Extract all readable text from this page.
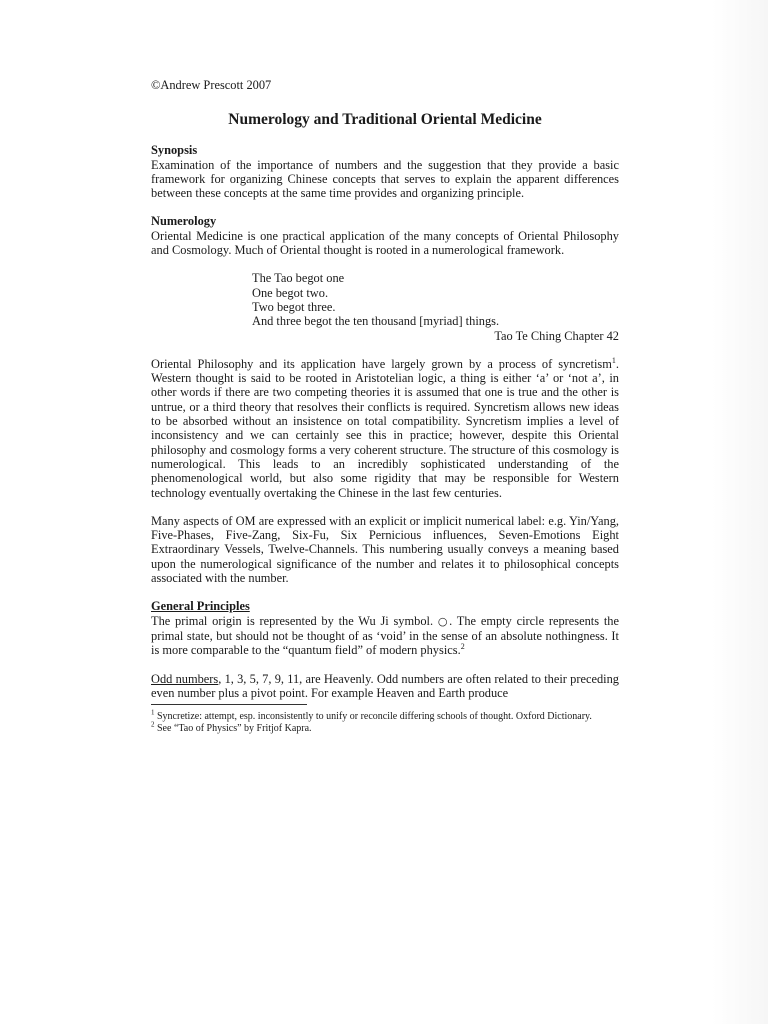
©Andrew Prescott 2007

Numerology and Traditional Oriental Medicine

Synopsis

Examination of the importance of numbers and the suggestion that they provide a basic framework for organizing Chinese concepts that serves to explain the apparent differences between these concepts at the same time provides and organizing principle.

Numerology

Oriental Medicine is one practical application of the many concepts of Oriental Philosophy and Cosmology. Much of Oriental thought is rooted in a numerological framework.

The Tao begot one

One begot two.

Two begot three.

And three begot the ten thousand [myriad] things.

Tao Te Ching Chapter 42

Oriental Philosophy and its application have largely grown by a process of syncretism$^1$. Western thought is said to be rooted in Aristotelian logic, a thing is either ‘a’ or ‘not a’, in other words if there are two competing theories it is assumed that one is true and the other is untrue, or a third theory that resolves their conflicts is required. Syncretism allows new ideas to be absorbed without an insistence on total compatibility. Syncretism implies a level of inconsistency and we can certainly see this in practice; however, despite this Oriental philosophy and cosmology forms a very coherent structure. The structure of this cosmology is numerological. This leads to an incredibly sophisticated understanding of the phenomenological world, but also some rigidity that may be responsible for Western technology eventually overtaking the Chinese in the last few centuries.

Many aspects of OM are expressed with an explicit or implicit numerical label: e.g. Yin/Yang, Five-Phases, Five-Zang, Six-Fu, Six Pernicious influences, Seven-Emotions Eight Extraordinary Vessels, Twelve-Channels. This numbering usually conveys a meaning based upon the numerological significance of the number and relates it to philosophical concepts associated with the number.

General Principles

The primal origin is represented by the Wu Ji symbol. ○. The empty circle represents the primal state, but should not be thought of as ‘void’ in the sense of an absolute nothingness. It is more comparable to the “quantum field” of modern physics.$^2$

Odd numbers, 1, 3, 5, 7, 9, 11, are Heavenly. Odd numbers are often related to their preceding even number plus a pivot point. For example Heaven and Earth produce

$^1$ Syncretize: attempt, esp. inconsistently to unify or reconcile differing schools of thought. Oxford Dictionary.

$^2$ See “Tao of Physics” by Fritjof Kapra.
